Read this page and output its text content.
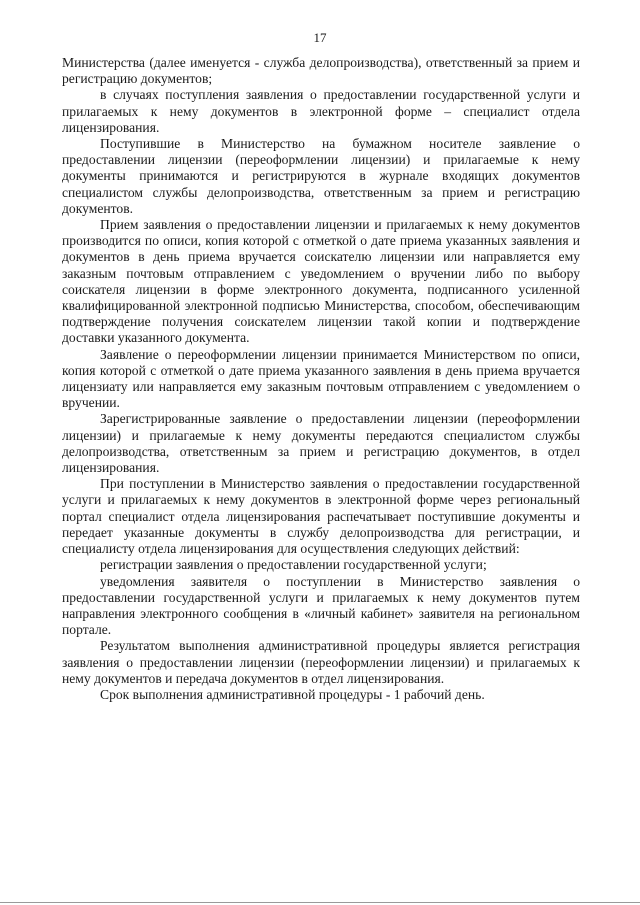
17

Министерства (далее именуется - служба делопроизводства), ответственный за прием и регистрацию документов;

в случаях поступления заявления о предоставлении государственной услуги и прилагаемых к нему документов в электронной форме – специалист отдела лицензирования.

Поступившие в Министерство на бумажном носителе заявление о предоставлении лицензии (переоформлении лицензии) и прилагаемые к нему документы принимаются и регистрируются в журнале входящих документов специалистом службы делопроизводства, ответственным за прием и регистрацию документов.

Прием заявления о предоставлении лицензии и прилагаемых к нему документов производится по описи, копия которой с отметкой о дате приема указанных заявления и документов в день приема вручается соискателю лицензии или направляется ему заказным почтовым отправлением с уведомлением о вручении либо по выбору соискателя лицензии в форме электронного документа, подписанного усиленной квалифицированной электронной подписью Министерства, способом, обеспечивающим подтверждение получения соискателем лицензии такой копии и подтверждение доставки указанного документа.

Заявление о переоформлении лицензии принимается Министерством по описи, копия которой с отметкой о дате приема указанного заявления в день приема вручается лицензиату или направляется ему заказным почтовым отправлением с уведомлением о вручении.

Зарегистрированные заявление о предоставлении лицензии (переоформлении лицензии) и прилагаемые к нему документы передаются специалистом службы делопроизводства, ответственным за прием и регистрацию документов, в отдел лицензирования.

При поступлении в Министерство заявления о предоставлении государственной услуги и прилагаемых к нему документов в электронной форме через региональный портал специалист отдела лицензирования распечатывает поступившие документы и передает указанные документы в службу делопроизводства для регистрации, и специалисту отдела лицензирования для осуществления следующих действий:

регистрации заявления о предоставлении государственной услуги;

уведомления заявителя о поступлении в Министерство заявления о предоставлении государственной услуги и прилагаемых к нему документов путем направления электронного сообщения в «личный кабинет» заявителя на региональном портале.

Результатом выполнения административной процедуры является регистрация заявления о предоставлении лицензии (переоформлении лицензии) и прилагаемых к нему документов и передача документов в отдел лицензирования.

Срок выполнения административной процедуры - 1 рабочий день.
